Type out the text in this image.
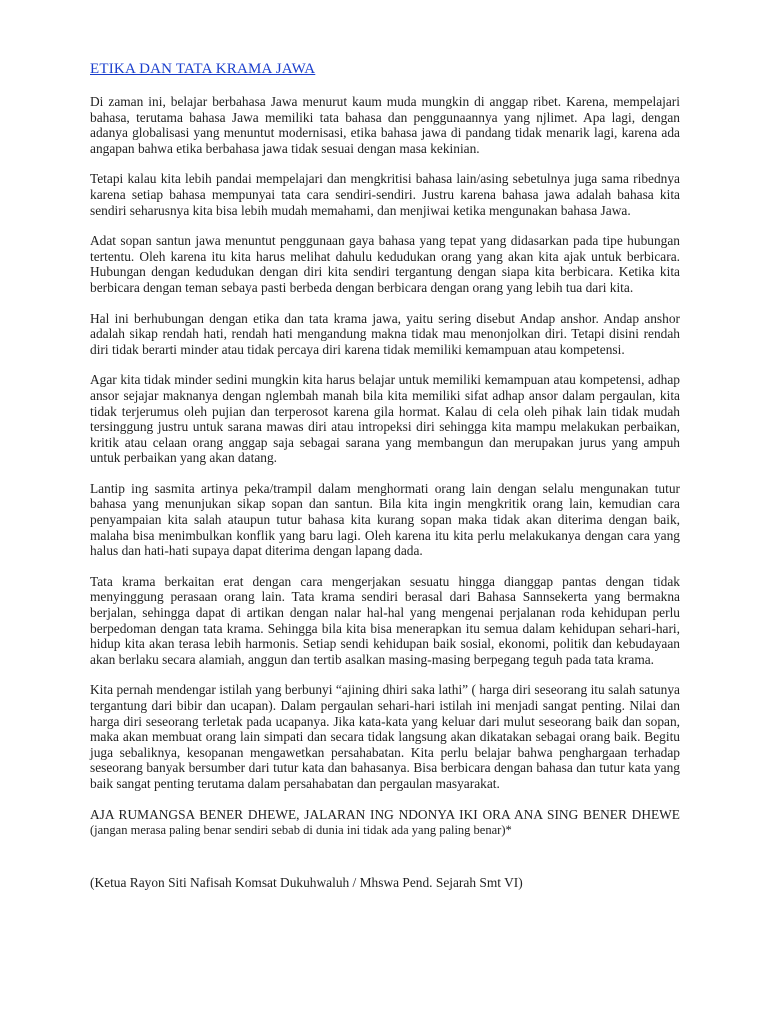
ETIKA DAN TATA KRAMA JAWA

Di zaman ini, belajar berbahasa Jawa menurut kaum muda mungkin di anggap ribet. Karena, mempelajari bahasa, terutama bahasa Jawa memiliki tata bahasa dan penggunaannya yang njlimet. Apa lagi, dengan adanya globalisasi yang menuntut modernisasi, etika bahasa jawa di pandang tidak menarik lagi, karena ada angapan bahwa etika berbahasa jawa tidak sesuai dengan masa kekinian.

Tetapi kalau kita lebih pandai mempelajari dan mengkritisi bahasa lain/asing sebetulnya juga sama ribednya karena setiap bahasa mempunyai tata cara sendiri-sendiri. Justru karena bahasa jawa adalah bahasa kita sendiri seharusnya kita bisa lebih mudah memahami, dan menjiwai ketika mengunakan bahasa Jawa.

Adat sopan santun jawa menuntut penggunaan gaya bahasa yang tepat yang didasarkan pada tipe hubungan tertentu. Oleh karena itu kita harus melihat dahulu kedudukan orang yang akan kita ajak untuk berbicara. Hubungan dengan kedudukan dengan diri kita sendiri tergantung dengan siapa kita berbicara. Ketika kita berbicara dengan teman sebaya pasti berbeda dengan berbicara dengan orang yang lebih tua dari kita.

Hal ini berhubungan dengan etika dan tata krama jawa, yaitu sering disebut Andap anshor. Andap anshor adalah sikap rendah hati, rendah hati mengandung makna tidak mau menonjolkan diri. Tetapi disini rendah diri tidak berarti minder atau tidak percaya diri karena tidak memiliki kemampuan atau kompetensi.

Agar kita tidak minder sedini mungkin kita harus belajar untuk memiliki kemampuan atau kompetensi, adhap ansor sejajar maknanya dengan nglembah manah bila kita memiliki sifat adhap ansor dalam pergaulan, kita tidak terjerumus oleh pujian dan terperosot karena gila hormat. Kalau di cela oleh pihak lain tidak mudah tersinggung justru untuk sarana mawas diri atau intropeksi diri sehingga kita mampu melakukan perbaikan, kritik atau celaan orang anggap saja sebagai sarana yang membangun dan merupakan jurus yang ampuh untuk perbaikan yang akan datang.

Lantip ing sasmita artinya peka/trampil dalam menghormati orang lain dengan selalu mengunakan tutur bahasa yang menunjukan sikap sopan dan santun. Bila kita ingin mengkritik orang lain, kemudian cara penyampaian kita salah ataupun tutur bahasa kita kurang sopan maka tidak akan diterima dengan baik, malaha bisa menimbulkan konflik yang baru lagi. Oleh karena itu kita perlu melakukanya dengan cara yang halus dan hati-hati supaya dapat diterima dengan lapang dada.

Tata krama berkaitan erat dengan cara mengerjakan sesuatu hingga dianggap pantas dengan tidak menyinggung perasaan orang lain. Tata krama sendiri berasal dari Bahasa Sannsekerta yang bermakna berjalan, sehingga dapat di artikan dengan nalar hal-hal yang mengenai perjalanan roda kehidupan perlu berpedoman dengan tata krama. Sehingga bila kita bisa menerapkan itu semua dalam kehidupan sehari-hari, hidup kita akan terasa lebih harmonis. Setiap sendi kehidupan baik sosial, ekonomi, politik dan kebudayaan akan berlaku secara alamiah, anggun dan tertib asalkan masing-masing berpegang teguh pada tata krama.

Kita pernah mendengar istilah yang berbunyi “ajining dhiri saka lathi” ( harga diri seseorang itu salah satunya tergantung dari bibir dan ucapan). Dalam pergaulan sehari-hari istilah ini menjadi sangat penting. Nilai dan harga diri seseorang terletak pada ucapanya. Jika kata-kata yang keluar dari mulut seseorang baik dan sopan, maka akan membuat orang lain simpati dan secara tidak langsung akan dikatakan sebagai orang baik. Begitu juga sebaliknya, kesopanan mengawetkan persahabatan. Kita perlu belajar bahwa penghargaan terhadap seseorang banyak bersumber dari tutur kata dan bahasanya. Bisa berbicara dengan bahasa dan tutur kata yang baik sangat penting terutama dalam persahabatan dan pergaulan masyarakat.

AJA RUMANGSA BENER DHEWE, JALARAN ING NDONYA IKI ORA ANA SING BENER DHEWE (jangan merasa paling benar sendiri sebab di dunia ini tidak ada yang paling benar)*

(Ketua Rayon Siti Nafisah Komsat Dukuhwaluh / Mhswa Pend. Sejarah Smt VI)
